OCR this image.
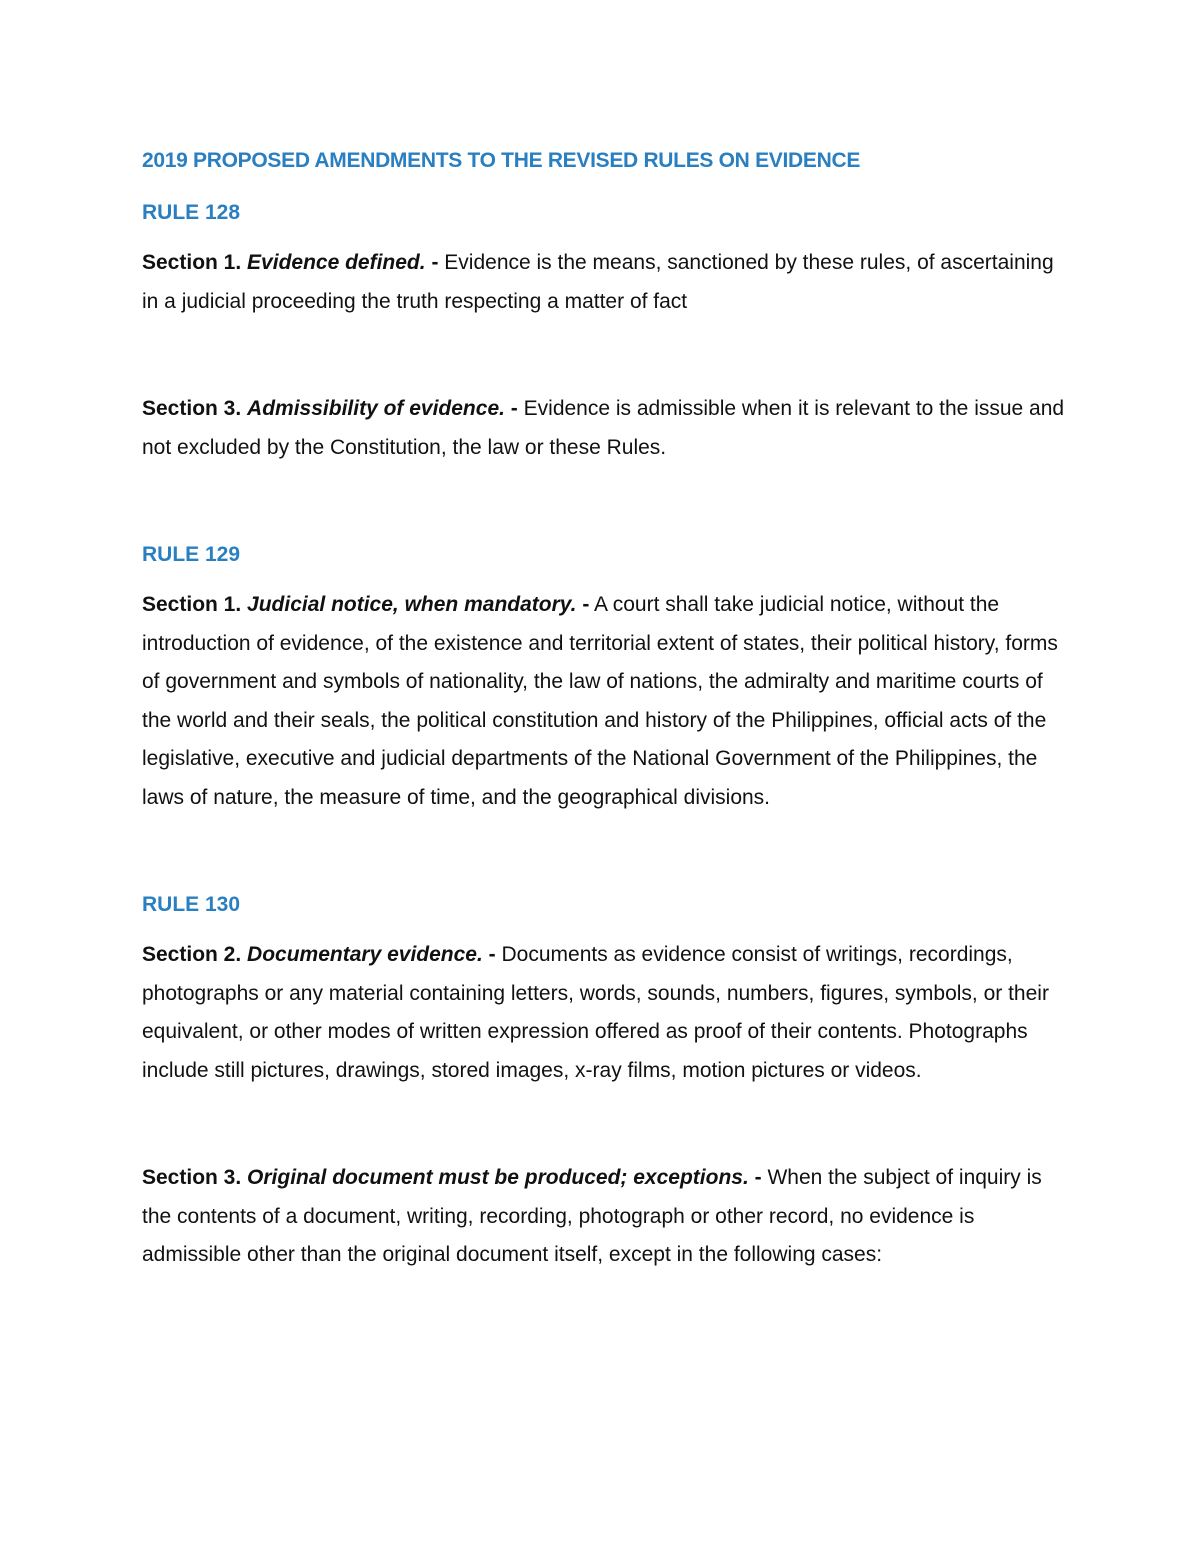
2019 PROPOSED AMENDMENTS TO THE REVISED RULES ON EVIDENCE
RULE 128

Section 1. Evidence defined. - Evidence is the means, sanctioned by these rules, of ascertaining in a judicial proceeding the truth respecting a matter of fact

Section 3. Admissibility of evidence. - Evidence is admissible when it is relevant to the issue and not excluded by the Constitution, the law or these Rules.

RULE 129

Section 1. Judicial notice, when mandatory. - A court shall take judicial notice, without the introduction of evidence, of the existence and territorial extent of states, their political history, forms of government and symbols of nationality, the law of nations, the admiralty and maritime courts of the world and their seals, the political constitution and history of the Philippines, official acts of the legislative, executive and judicial departments of the National Government of the Philippines, the laws of nature, the measure of time, and the geographical divisions.

RULE 130

Section 2. Documentary evidence. - Documents as evidence consist of writings, recordings, photographs or any material containing letters, words, sounds, numbers, figures, symbols, or their equivalent, or other modes of written expression offered as proof of their contents. Photographs include still pictures, drawings, stored images, x-ray films, motion pictures or videos.

Section 3. Original document must be produced; exceptions. - When the subject of inquiry is the contents of a document, writing, recording, photograph or other record, no evidence is admissible other than the original document itself, except in the following cases:
